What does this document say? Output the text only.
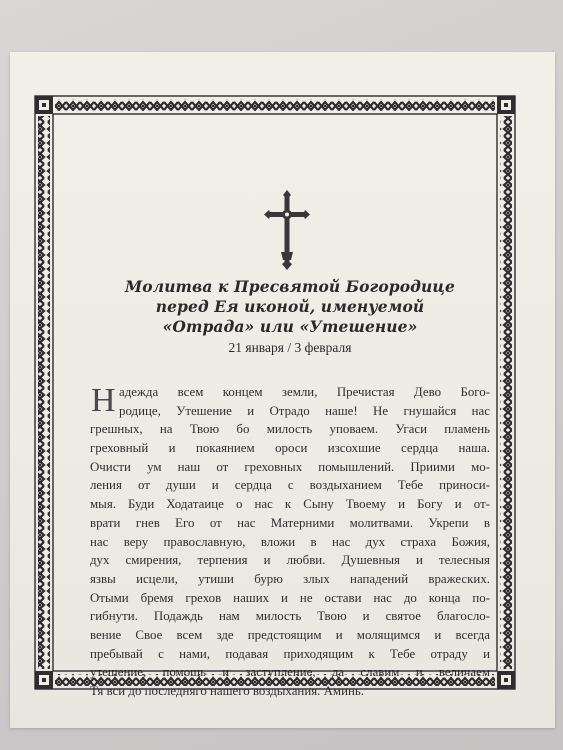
Молитва к Пресвятой Богородице
перед Ея иконой, именуемой
«Отрада» или «Утешение»
21 января / 3 февраля
Н адежда всем концем земли, Пречистая Дево Бого-
родице, Утешение и Отрадо наше! Не гнушайся нас
грешных, на Твою бо милость уповаем. Угаси пламень
греховный и покаянием ороси изсохшие сердца наша.
Очисти ум наш от греховных помышлений. Приими мо-
ления от души и сердца с воздыханием Тебе приноси-
мыя. Буди Ходатаице о нас к Сыну Твоему и Богу и от-
врати гнев Его от нас Матерними молитвами. Укрепи в
нас веру православную, вложи в нас дух страха Божия,
дух смирения, терпения и любви. Душевныя и телесныя
язвы исцели, утиши бурю злых нападений вражеских.
Отыми бремя грехов наших и не остави нас до конца по-
гибнути. Подаждь нам милость Твою и святое благосло-
вение Свое всем зде предстоящим и молящимся и всегда
пребывай с нами, подавая приходящим к Тебе отраду и
утешение, помощь и заступление, да славим и величаем
Тя вси до последняго нашего воздыхания. Аминь.
